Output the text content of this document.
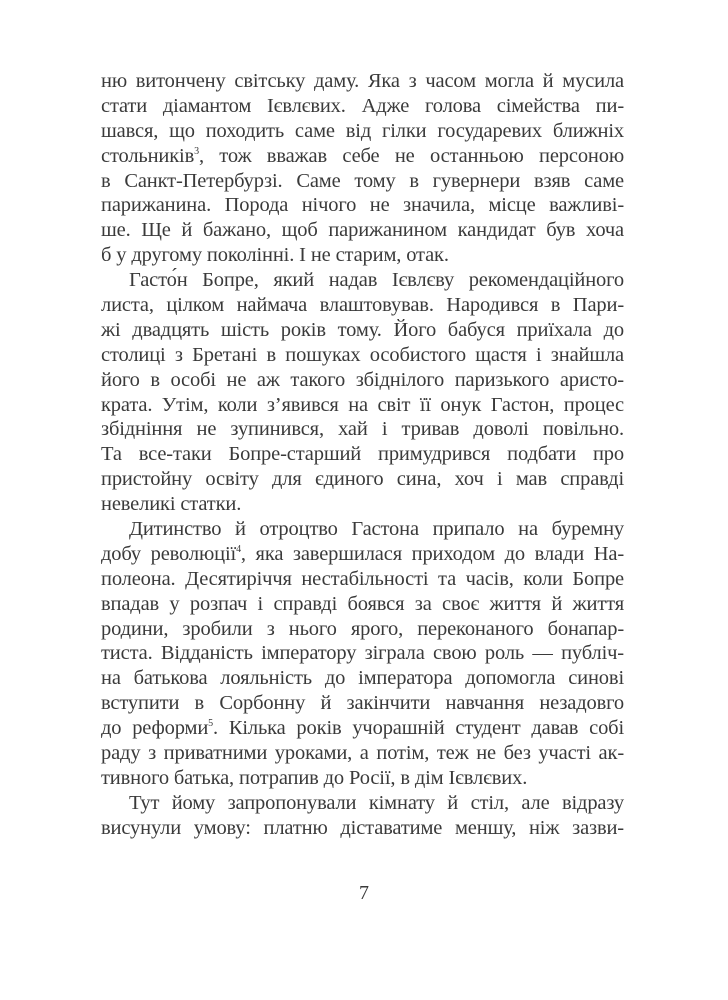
ню витончену світську даму. Яка з часом могла й мусила
стати діамантом Ієвлєвих. Адже голова сімейства пи-
шався, що походить саме від гілки государевих ближніх
стольників$^3$, тож вважав себе не останньою персоною
в Санкт-Петербурзі. Саме тому в гувернери взяв саме
парижанина. Порода нічого не значила, місце важливі-
ше. Ще й бажано, щоб парижанином кандидат був хоча
б у другому поколінні. І не старим, отак.
Гасто́н Бопре, який надав Ієвлєву рекомендаційного
листа, цілком наймача влаштовував. Народився в Пари-
жі двадцять шість років тому. Його бабуся приїхала до
столиці з Бретані в пошуках особистого щастя і знайшла
його в особі не аж такого збіднілого паризького аристо-
крата. Утім, коли з’явився на світ її онук Гастон, процес
збідніння не зупинився, хай і тривав доволі повільно.
Та все-таки Бопре-старший примудрився подбати про
пристойну освіту для єдиного сина, хоч і мав справді
невеликі статки.
Дитинство й отроцтво Гастона припало на буремну
добу революції$^4$, яка завершилася приходом до влади На-
полеона. Десятиріччя нестабільності та часів, коли Бопре
впадав у розпач і справді боявся за своє життя й життя
родини, зробили з нього ярого, переконаного бонапар-
тиста. Відданість імператору зіграла свою роль — публіч-
на батькова лояльність до імператора допомогла синові
вступити в Сорбонну й закінчити навчання незадовго
до реформи$^5$. Кілька років учорашній студент давав собі
раду з приватними уроками, а потім, теж не без участі ак-
тивного батька, потрапив до Росії, в дім Ієвлєвих.
Тут йому запропонували кімнату й стіл, але відразу
висунули умову: платню діставатиме меншу, ніж зазви-
7
